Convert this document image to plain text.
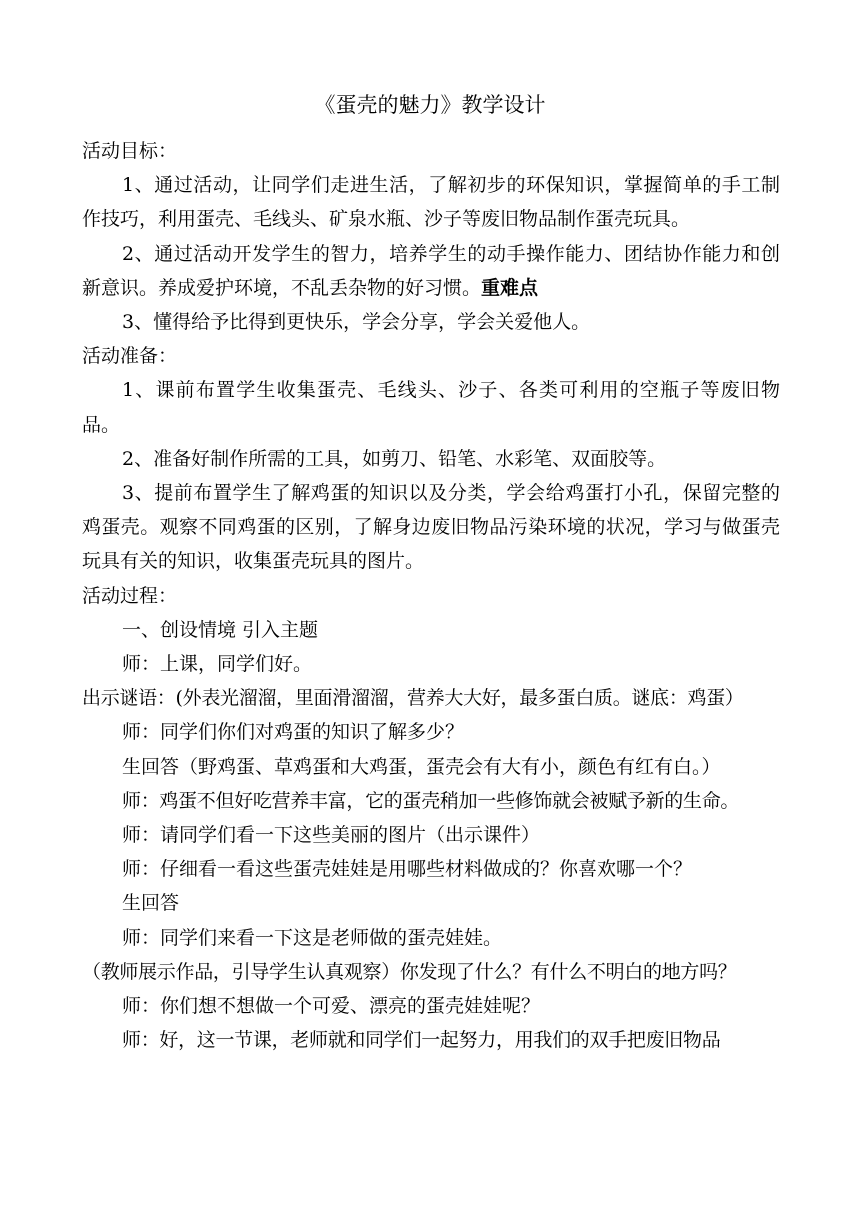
《蛋壳的魅力》教学设计

活动目标：

1、通过活动，让同学们走进生活，了解初步的环保知识，掌握简单的手工制作技巧，利用蛋壳、毛线头、矿泉水瓶、沙子等废旧物品制作蛋壳玩具。

2、通过活动开发学生的智力，培养学生的动手操作能力、团结协作能力和创新意识。养成爱护环境，不乱丢杂物的好习惯。重难点

3、懂得给予比得到更快乐，学会分享，学会关爱他人。

活动准备：

1、课前布置学生收集蛋壳、毛线头、沙子、各类可利用的空瓶子等废旧物品。

2、准备好制作所需的工具，如剪刀、铅笔、水彩笔、双面胶等。

3、提前布置学生了解鸡蛋的知识以及分类，学会给鸡蛋打小孔，保留完整的鸡蛋壳。观察不同鸡蛋的区别，了解身边废旧物品污染环境的状况，学习与做蛋壳玩具有关的知识，收集蛋壳玩具的图片。

活动过程：

一、创设情境 引入主题

师：上课，同学们好。

出示谜语：(外表光溜溜，里面滑溜溜，营养大大好，最多蛋白质。谜底：鸡蛋）

师：同学们你们对鸡蛋的知识了解多少？

生回答（野鸡蛋、草鸡蛋和大鸡蛋，蛋壳会有大有小，颜色有红有白。）

师：鸡蛋不但好吃营养丰富，它的蛋壳稍加一些修饰就会被赋予新的生命。

师：请同学们看一下这些美丽的图片（出示课件）

师：仔细看一看这些蛋壳娃娃是用哪些材料做成的？你喜欢哪一个？

生回答

师：同学们来看一下这是老师做的蛋壳娃娃。

（教师展示作品，引导学生认真观察）你发现了什么？有什么不明白的地方吗？

师：你们想不想做一个可爱、漂亮的蛋壳娃娃呢？

师：好，这一节课，老师就和同学们一起努力，用我们的双手把废旧物品
